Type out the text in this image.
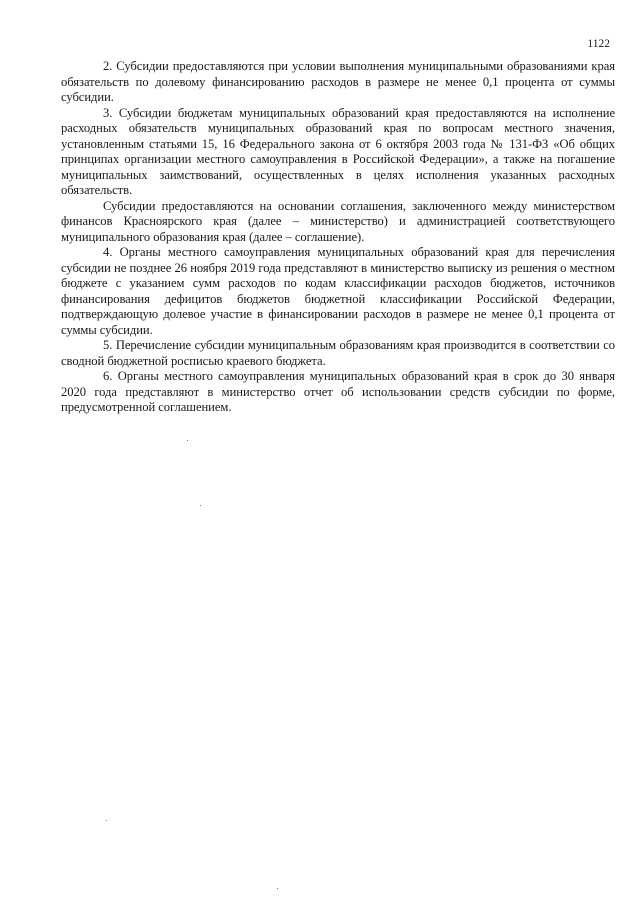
1122

2. Субсидии предоставляются при условии выполнения муниципальными образованиями края обязательств по долевому финансированию расходов в размере не менее 0,1 процента от суммы субсидии.

3. Субсидии бюджетам муниципальных образований края предоставляются на исполнение расходных обязательств муниципальных образований края по вопросам местного значения, установленным статьями 15, 16 Федерального закона от 6 октября 2003 года № 131-ФЗ «Об общих принципах организации местного самоуправления в Российской Федерации», а также на погашение муниципальных заимствований, осуществленных в целях исполнения указанных расходных обязательств.

Субсидии предоставляются на основании соглашения, заключенного между министерством финансов Красноярского края (далее – министерство) и администрацией соответствующего муниципального образования края (далее – соглашение).

4. Органы местного самоуправления муниципальных образований края для перечисления субсидии не позднее 26 ноября 2019 года представляют в министерство выписку из решения о местном бюджете с указанием сумм расходов по кодам классификации расходов бюджетов, источников финансирования дефицитов бюджетов бюджетной классификации Российской Федерации, подтверждающую долевое участие в финансировании расходов в размере не менее 0,1 процента от суммы субсидии.

5. Перечисление субсидии муниципальным образованиям края производится в соответствии со сводной бюджетной росписью краевого бюджета.

6. Органы местного самоуправления муниципальных образований края в срок до 30 января 2020 года представляют в министерство отчет об использовании средств субсидии по форме, предусмотренной соглашением.
